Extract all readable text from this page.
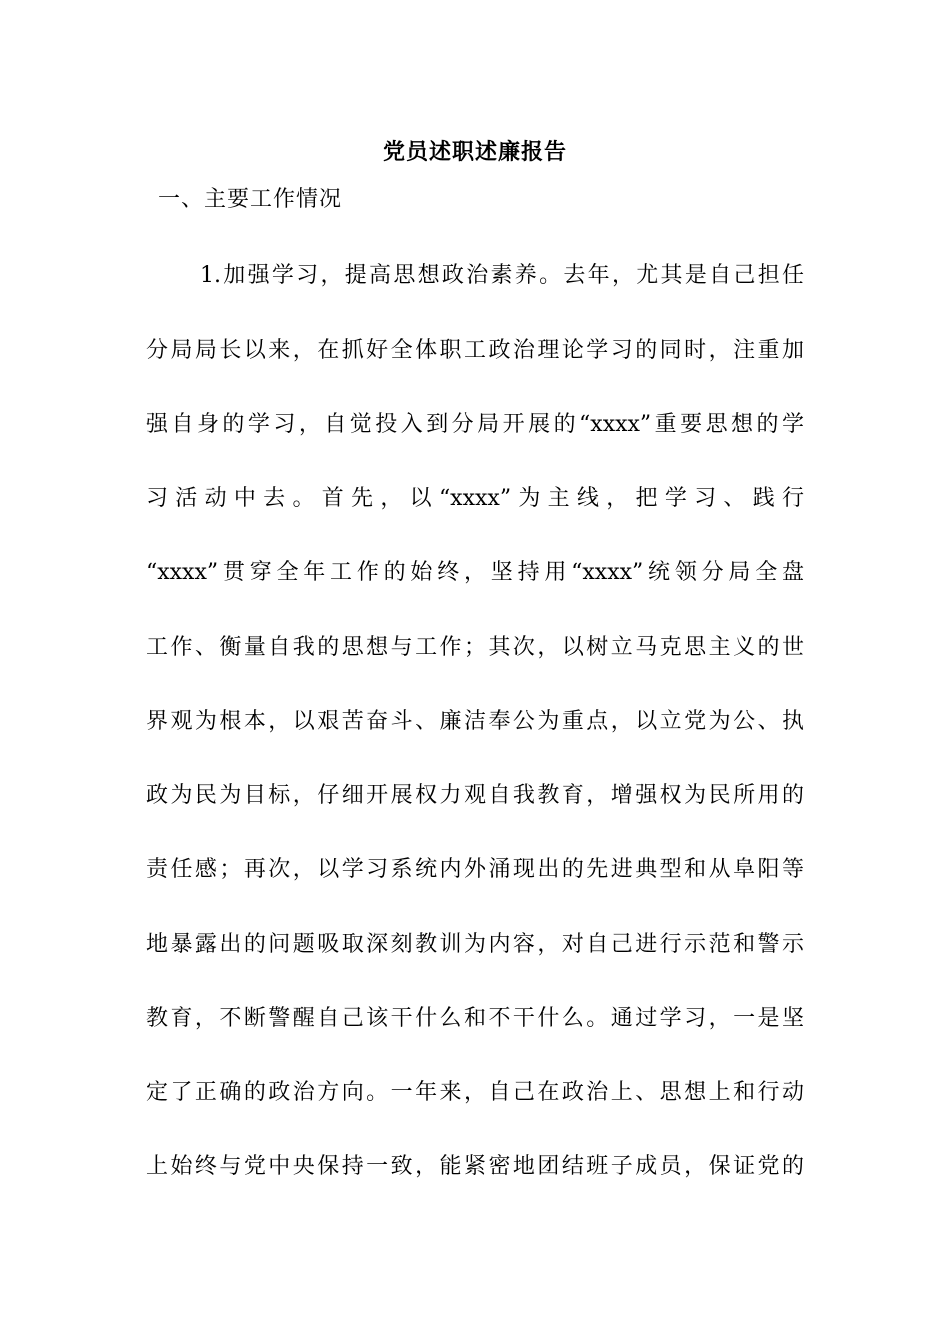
党员述职述廉报告
一、主要工作情况
1.加强学习，提高思想政治素养。去年，尤其是自己担任
分局局长以来，在抓好全体职工政治理论学习的同时，注重加
强自身的学习，自觉投入到分局开展的“xxxx”重要思想的学
习活动中去。首先，以“xxxx”为主线，把学习、践行
“xxxx”贯穿全年工作的始终，坚持用“xxxx”统领分局全盘
工作、衡量自我的思想与工作；其次，以树立马克思主义的世
界观为根本，以艰苦奋斗、廉洁奉公为重点，以立党为公、执
政为民为目标，仔细开展权力观自我教育，增强权为民所用的
责任感；再次，以学习系统内外涌现出的先进典型和从阜阳等
地暴露出的问题吸取深刻教训为内容，对自己进行示范和警示
教育，不断警醒自己该干什么和不干什么。通过学习，一是坚
定了正确的政治方向。一年来，自己在政治上、思想上和行动
上始终与党中央保持一致，能紧密地团结班子成员，保证党的
